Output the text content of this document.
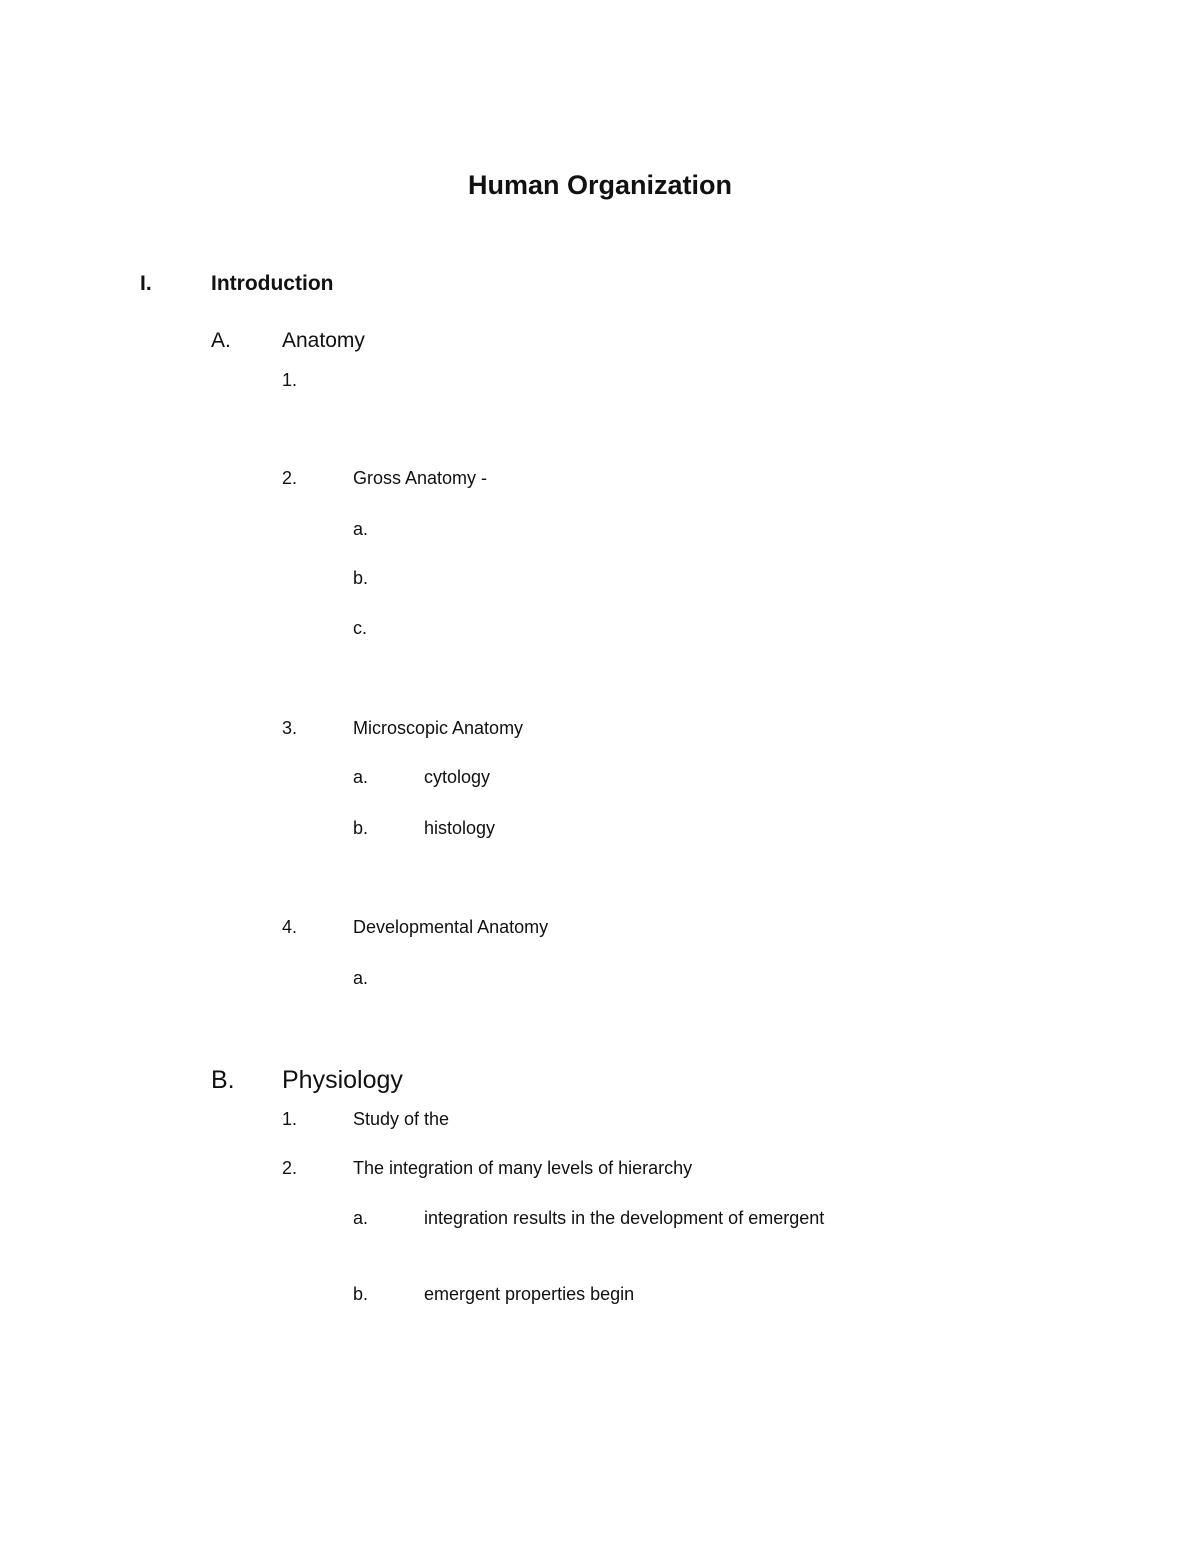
Human Organization
I.	Introduction
A. Anatomy
1.
2.	Gross Anatomy -
a.
b.
c.
3.	Microscopic Anatomy
a.	cytology
b.	histology
4.	Developmental Anatomy
a.
B. Physiology
1.	Study of the
2.	The integration of many levels of hierarchy
a.	integration results in the development of emergent
b.	emergent properties begin
